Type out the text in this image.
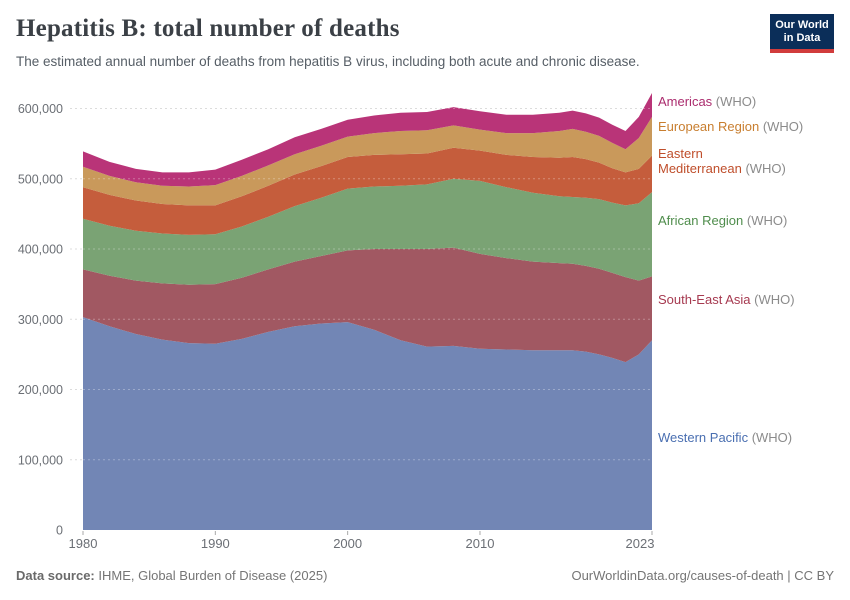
Hepatitis B: total number of deaths

The estimated annual number of deaths from hepatitis B virus, including both acute and chronic disease.

Our World
in Data
0
100,000
200,000
300,000
400,000
500,000
600,000
1980	1990	2000	2010	2023
Americas (WHO)
European Region (WHO)
Eastern
Mediterranean (WHO)
African Region (WHO)
South-East Asia (WHO)
Western Pacific (WHO)
Data source: IHME, Global Burden of Disease (2025)	OurWorldinData.org/causes-of-death | CC BY
